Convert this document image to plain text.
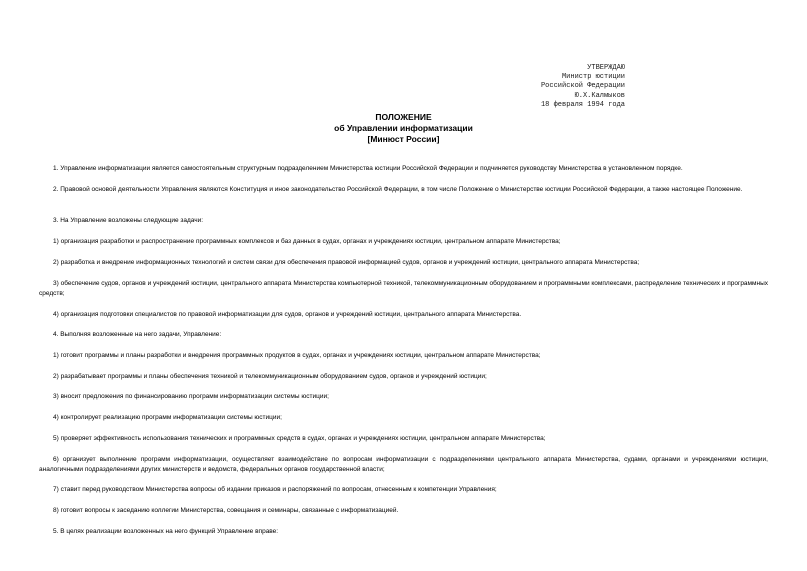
УТВЕРЖДАЮ
Министр юстиции
Российской Федерации
Ю.Х.Калмыков
18 февраля 1994 года
ПОЛОЖЕНИЕ
об Управлении информатизации
[Минюст России]
1. Управление информатизации является самостоятельным структурным подразделением Министерства юстиции Российской Федерации и подчиняется руководству Министерства в установленном порядке.
2. Правовой основой деятельности Управления являются Конституция и иное законодательство Российской Федерации, в том числе Положение о Министерстве юстиции Российской Федерации, а также настоящее Положение.
3. На Управление возложены следующие задачи:
1) организация разработки и распространение программных комплексов и баз данных в судах, органах и учреждениях юстиции, центральном аппарате Министерства;
2) разработка и внедрение информационных технологий и систем связи для обеспечения правовой информацией судов, органов и учреждений юстиции, центрального аппарата Министерства;
3) обеспечение судов, органов и учреждений юстиции, центрального аппарата Министерства компьютерной техникой, телекоммуникационным оборудованием и программными комплексами, распределение технических и программных средств;
4) организация подготовки специалистов по правовой информатизации для судов, органов и учреждений юстиции, центрального аппарата Министерства.
4. Выполняя возложенные на него задачи, Управление:
1) готовит программы и планы разработки и внедрения программных продуктов в судах, органах и учреждениях юстиции, центральном аппарате Министерства;
2) разрабатывает программы и планы обеспечения техникой и телекоммуникационным оборудованием судов, органов и учреждений юстиции;
3) вносит предложения по финансированию программ информатизации системы юстиции;
4) контролирует реализацию программ информатизации системы юстиции;
5) проверяет эффективность использования технических и программных средств в судах, органах и учреждениях юстиции, центральном аппарате Министерства;
6) организует выполнение программ информатизации, осуществляет взаимодействие по вопросам информатизации с подразделениями центрального аппарата Министерства, судами, органами и учреждениями юстиции, аналогичными подразделениями других министерств и ведомств, федеральных органов государственной власти;
7) ставит перед руководством Министерства вопросы об издании приказов и распоряжений по вопросам, отнесенным к компетенции Управления;
8) готовит вопросы к заседанию коллегии Министерства, совещания и семинары, связанные с информатизацией.
5. В целях реализации возложенных на него функций Управление вправе:
